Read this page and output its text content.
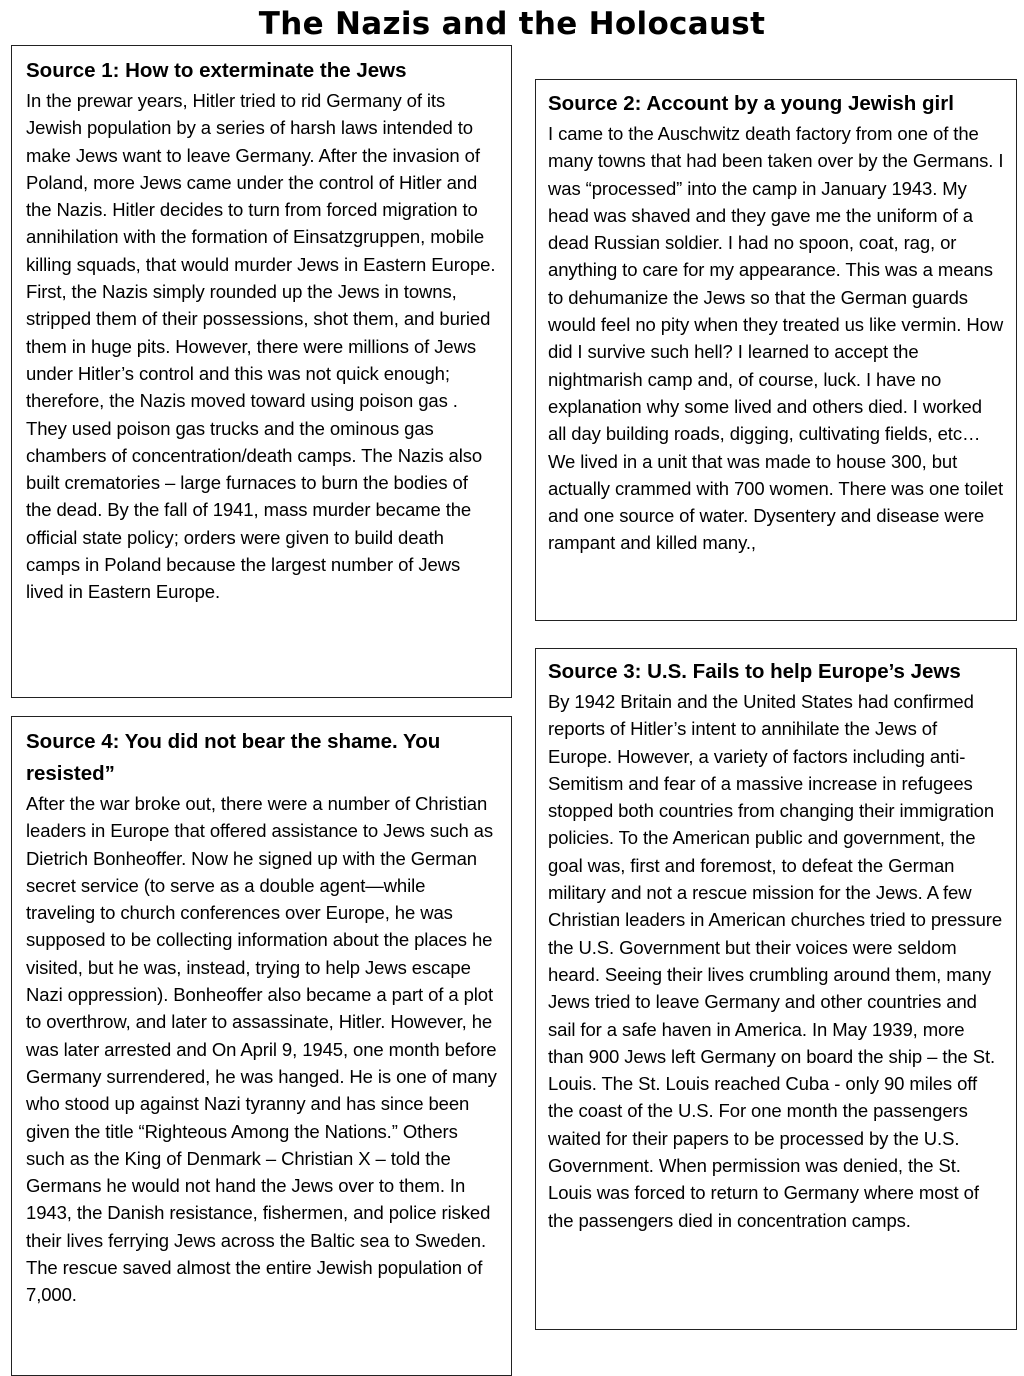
The Nazis and the Holocaust

Source 1: How to exterminate the Jews

In the prewar years, Hitler tried to rid Germany of its Jewish population by a series of harsh laws intended to make Jews want to leave Germany. After the invasion of Poland, more Jews came under the control of Hitler and the Nazis. Hitler decides to turn from forced migration to annihilation with the formation of Einsatzgruppen, mobile killing squads, that would murder Jews in Eastern Europe. First, the Nazis simply rounded up the Jews in towns, stripped them of their possessions, shot them, and buried them in huge pits. However, there were millions of Jews under Hitler’s control and this was not quick enough; therefore, the Nazis moved toward using poison gas . They used poison gas trucks and the ominous gas chambers of concentration/death camps. The Nazis also built crematories – large furnaces to burn the bodies of the dead. By the fall of 1941, mass murder became the official state policy; orders were given to build death camps in Poland because the largest number of Jews lived in Eastern Europe.

Source 2: Account by a young Jewish girl

I came to the Auschwitz death factory from one of the many towns that had been taken over by the Germans. I was “processed” into the camp in January 1943. My head was shaved and they gave me the uniform of a dead Russian soldier. I had no spoon, coat, rag, or anything to care for my appearance. This was a means to dehumanize the Jews so that the German guards would feel no pity when they treated us like vermin. How did I survive such hell? I learned to accept the nightmarish camp and, of course, luck. I have no explanation why some lived and others died. I worked all day building roads, digging, cultivating fields, etc… We lived in a unit that was made to house 300, but actually crammed with 700 women. There was one toilet and one source of water. Dysentery and disease were rampant and killed many.,

Source 3: U.S. Fails to help Europe’s Jews

By 1942 Britain and the United States had confirmed reports of Hitler’s intent to annihilate the Jews of Europe. However, a variety of factors including anti-Semitism and fear of a massive increase in refugees stopped both countries from changing their immigration policies. To the American public and government, the goal was, first and foremost, to defeat the German military and not a rescue mission for the Jews. A few Christian leaders in American churches tried to pressure the U.S. Government but their voices were seldom heard. Seeing their lives crumbling around them, many Jews tried to leave Germany and other countries and sail for a safe haven in America. In May 1939, more than 900 Jews left Germany on board the ship – the St. Louis. The St. Louis reached Cuba - only 90 miles off the coast of the U.S. For one month the passengers waited for their papers to be processed by the U.S. Government. When permission was denied, the St. Louis was forced to return to Germany where most of the passengers died in concentration camps.

Source 4: You did not bear the shame. You resisted”

After the war broke out, there were a number of Christian leaders in Europe that offered assistance to Jews such as Dietrich Bonheoffer. Now he signed up with the German secret service (to serve as a double agent—while traveling to church conferences over Europe, he was supposed to be collecting information about the places he visited, but he was, instead, trying to help Jews escape Nazi oppression). Bonheoffer also became a part of a plot to overthrow, and later to assassinate, Hitler. However, he was later arrested and On April 9, 1945, one month before Germany surrendered, he was hanged. He is one of many who stood up against Nazi tyranny and has since been given the title “Righteous Among the Nations.” Others such as the King of Denmark – Christian X – told the Germans he would not hand the Jews over to them. In 1943, the Danish resistance, fishermen, and police risked their lives ferrying Jews across the Baltic sea to Sweden. The rescue saved almost the entire Jewish population of 7,000.
